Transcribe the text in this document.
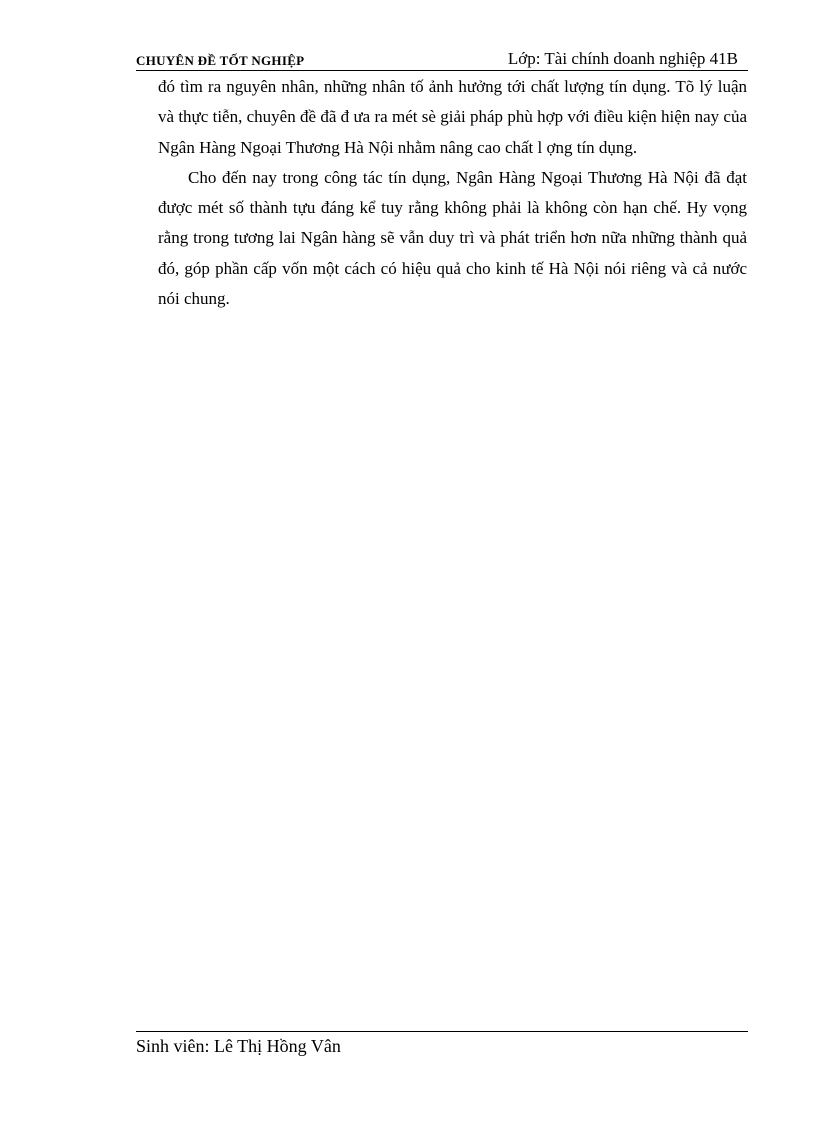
CHUYÊN ĐỀ TỐT NGHIỆP	Lớp: Tài chính doanh nghiệp 41B

đó tìm ra nguyên nhân, những nhân tố ảnh hưởng tới chất lượng tín dụng. Tõ lý luận và thực tiễn, chuyên đề đã đ ưa ra mét sè giải pháp phù hợp với điều kiện hiện nay của Ngân Hàng Ngoại Thương Hà Nội nhằm nâng cao chất l ợng tín dụng.

Cho đến nay trong công tác tín dụng, Ngân Hàng Ngoại Thương Hà Nội đã đạt được mét số thành tựu đáng kể tuy rằng không phải là không còn hạn chế. Hy vọng rằng trong tương lai Ngân hàng sẽ vẫn duy trì và phát triển hơn nữa những thành quả đó, góp phần cấp vốn một cách có hiệu quả cho kinh tế Hà Nội nói riêng và cả nước nói chung.

Sinh viên: Lê Thị Hồng Vân
